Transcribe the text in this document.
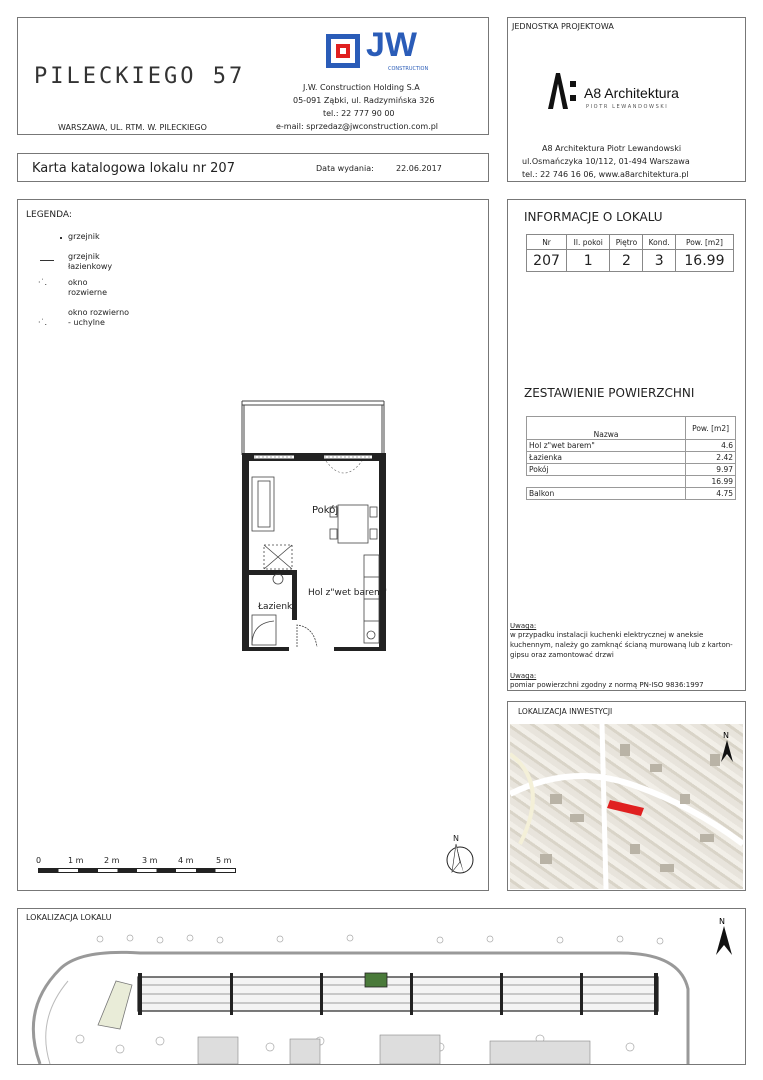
PILECKIEGO 57
WARSZAWA, UL. RTM. W. PILECKIEGO
JW
CONSTRUCTION
J.W. Construction Holding S.A
05-091 Ząbki, ul. Radzymińska 326
tel.: 22 777 90 00
e-mail: sprzedaz@jwconstruction.com.pl
JEDNOSTKA PROJEKTOWA
A8 Architektura
P I O T R   L E W A N D O W S K I
A8 Architektura Piotr Lewandowski
ul.Osmańczyka 10/112, 01-494 Warszawa
tel.: 22 746 16 06, www.a8architektura.pl
Karta katalogowa lokalu nr 207	Data wydania:	22.06.2017
LEGENDA:
grzejnik
grzejnik łazienkowy
·˙.	okno rozwierne
·˙.
okno rozwierno - uchylne
Pokój
Hol z"wet barem"
Łazienka
0	1 m	2 m	3 m	4 m	5 m
N
INFORMACJE O LOKALU
Nr	Il. pokoi	Piętro	Kond.	Pow. [m2]
207	1	2	3	16.99
ZESTAWIENIE POWIERZCHNI
Nazwa	Pow. [m2]
Hol z"wet barem"	4.6
Łazienka	2.42
Pokój	9.97
	16.99
Balkon	4.75
Uwaga:
w przypadku instalacji kuchenki elektrycznej w aneksie kuchennym, należy go zamknąć ścianą murowaną lub z karton-gipsu oraz zamontować drzwi
Uwaga:
pomiar powierzchni zgodny z normą PN-ISO 9836:1997
LOKALIZACJA INWESTYCJI
N
LOKALIZACJA LOKALU	N
